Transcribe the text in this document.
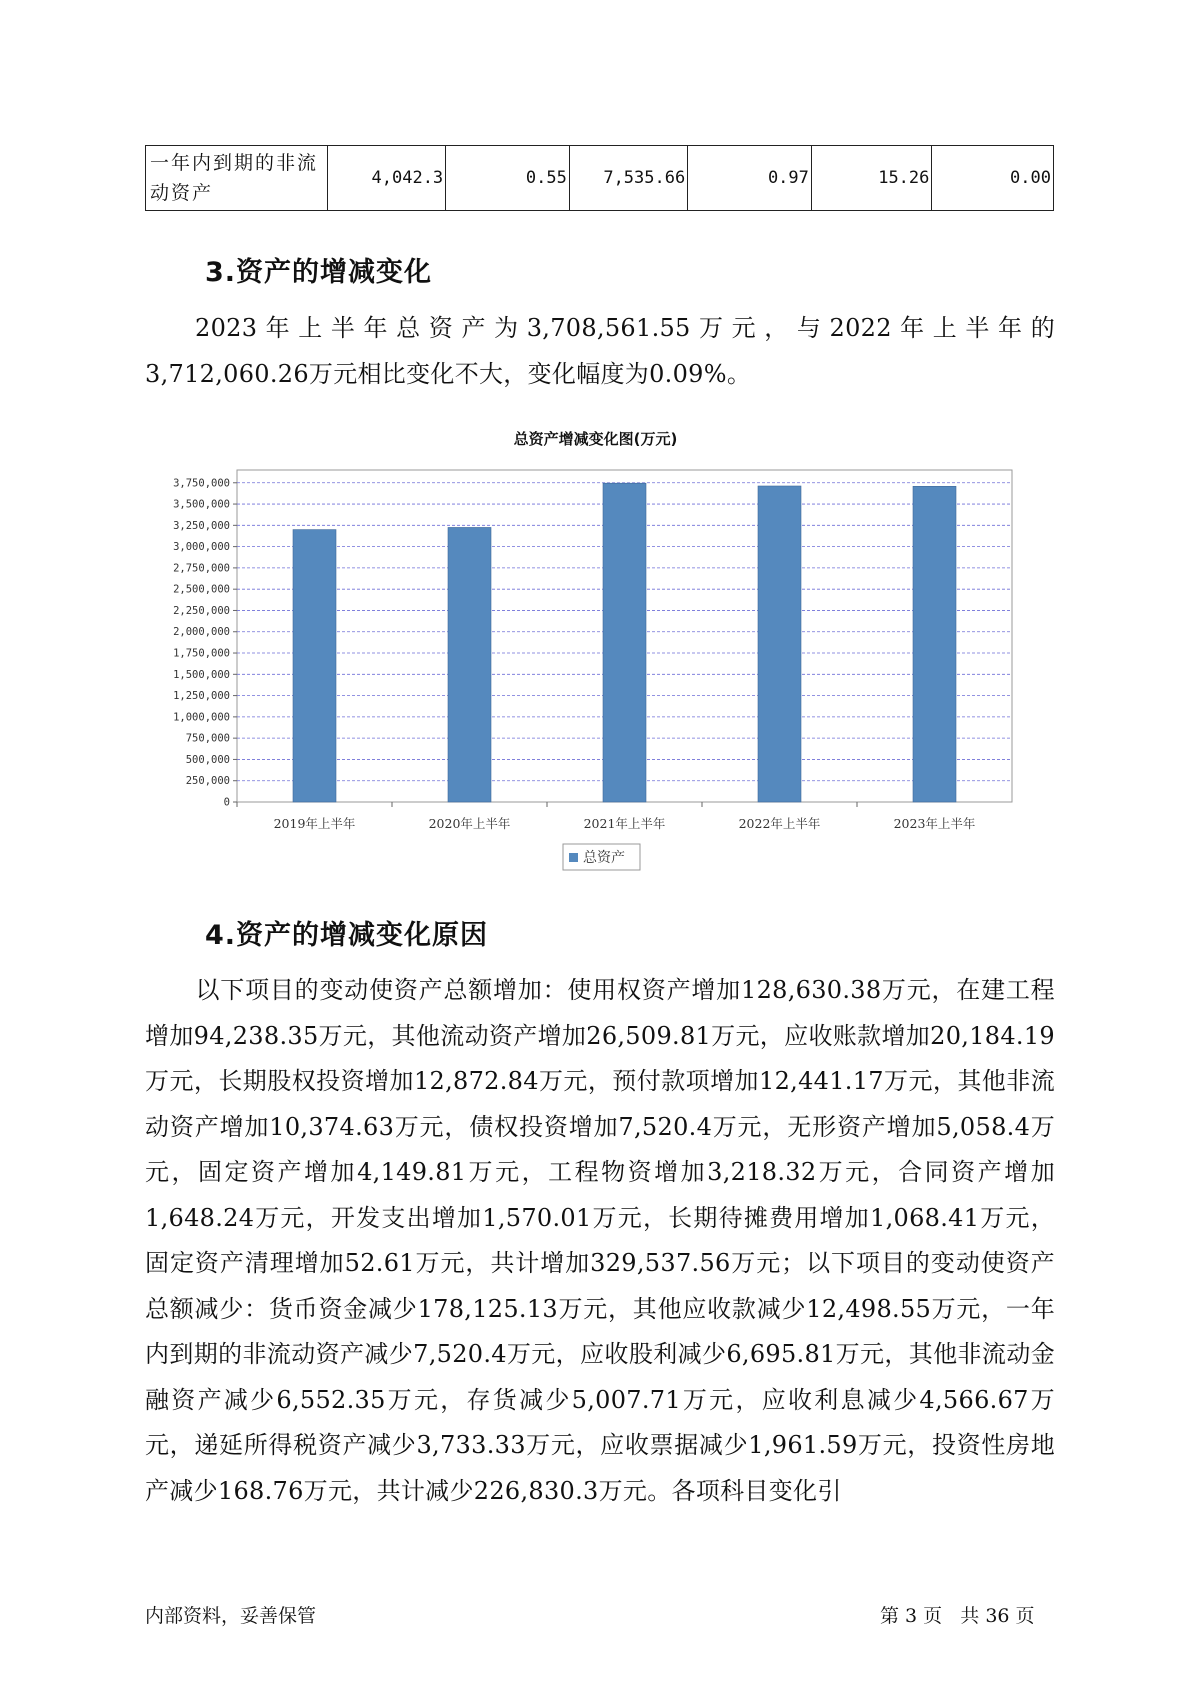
一年内到期的非流
动资产
	4,042.3	0.55	7,535.66	0.97	15.26	0.00
3.资产的增减变化

2023年上半年总资产为3,708,561.55万元，与2022年上半年的3,712,060.26万元相比变化不大，变化幅度为0.09%。

总资产增减变化图(万元)
0
250,000
500,000
750,000
1,000,000
1,250,000
1,500,000
1,750,000
2,000,000
2,250,000
2,500,000
2,750,000
3,000,000
3,250,000
3,500,000
3,750,000
2019年上半年	2020年上半年	2021年上半年	2022年上半年	2023年上半年
总资产
4.资产的增减变化原因

以下项目的变动使资产总额增加：使用权资产增加128,630.38万元，在建工程增加94,238.35万元，其他流动资产增加26,509.81万元，应收账款增加20,184.19万元，长期股权投资增加12,872.84万元，预付款项增加12,441.17万元，其他非流动资产增加10,374.63万元，债权投资增加7,520.4万元，无形资产增加5,058.4万元，固定资产增加4,149.81万元，工程物资增加3,218.32万元，合同资产增加1,648.24万元，开发支出增加1,570.01万元，长期待摊费用增加1,068.41万元，固定资产清理增加52.61万元，共计增加329,537.56万元；以下项目的变动使资产总额减少：货币资金减少178,125.13万元，其他应收款减少12,498.55万元，一年内到期的非流动资产减少7,520.4万元，应收股利减少6,695.81万元，其他非流动金融资产减少6,552.35万元，存货减少5,007.71万元，应收利息减少4,566.67万元，递延所得税资产减少3,733.33万元，应收票据减少1,961.59万元，投资性房地产减少168.76万元，共计减少226,830.3万元。各项科目变化引

内部资料，妥善保管	第 3 页   共 36 页
